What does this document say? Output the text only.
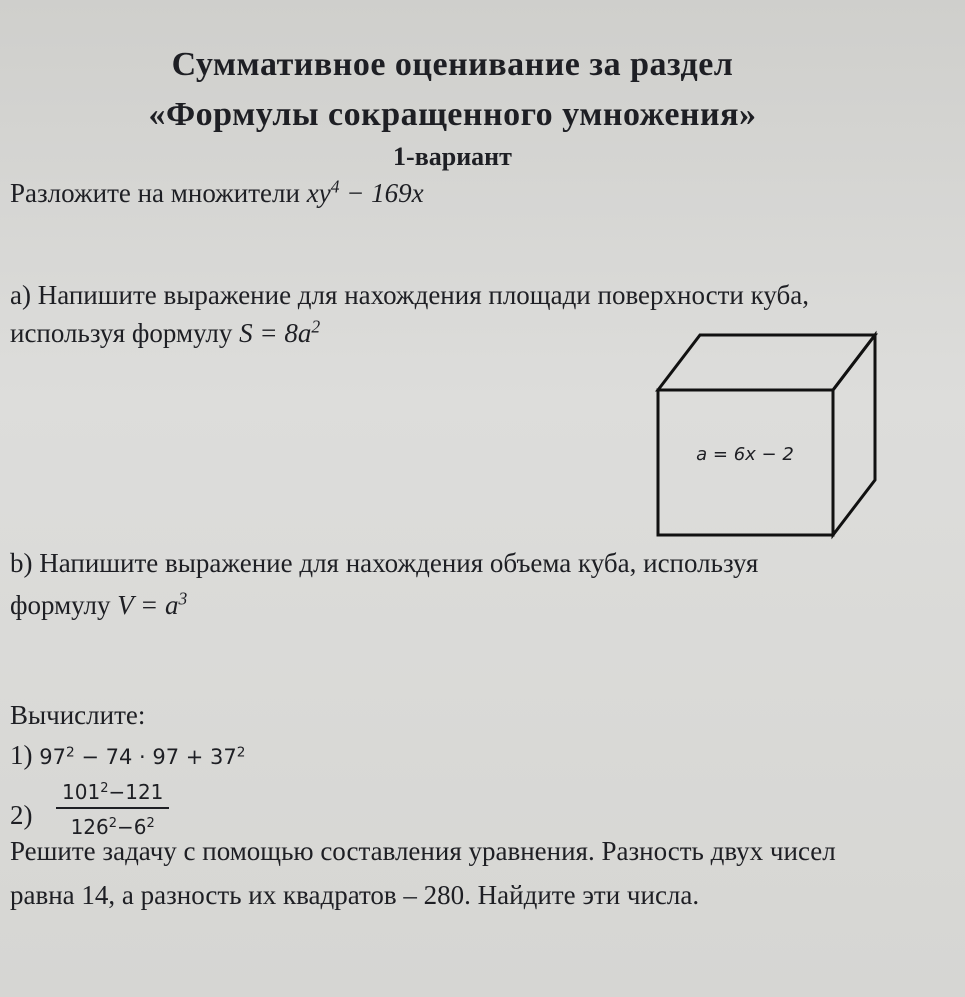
Суммативное оценивание за раздел
«Формулы сокращенного умножения»
1-вариант
Разложите на множители $xy^4 - 169x$
а) Напишите выражение для нахождения площади поверхности куба,
используя формулу $S = 8a^2$
a = 6x − 2
b) Напишите выражение для нахождения объема куба, используя
формулу $V = a^3$
Вычислите:
1) $97^2 - 74 \cdot 97 + 37^2$
$2) \frac{101^2-121}{126^2-6^2}$
Решите задачу с помощью составления уравнения. Разность двух чисел
равна 14, а разность их квадратов – 280. Найдите эти числа.
